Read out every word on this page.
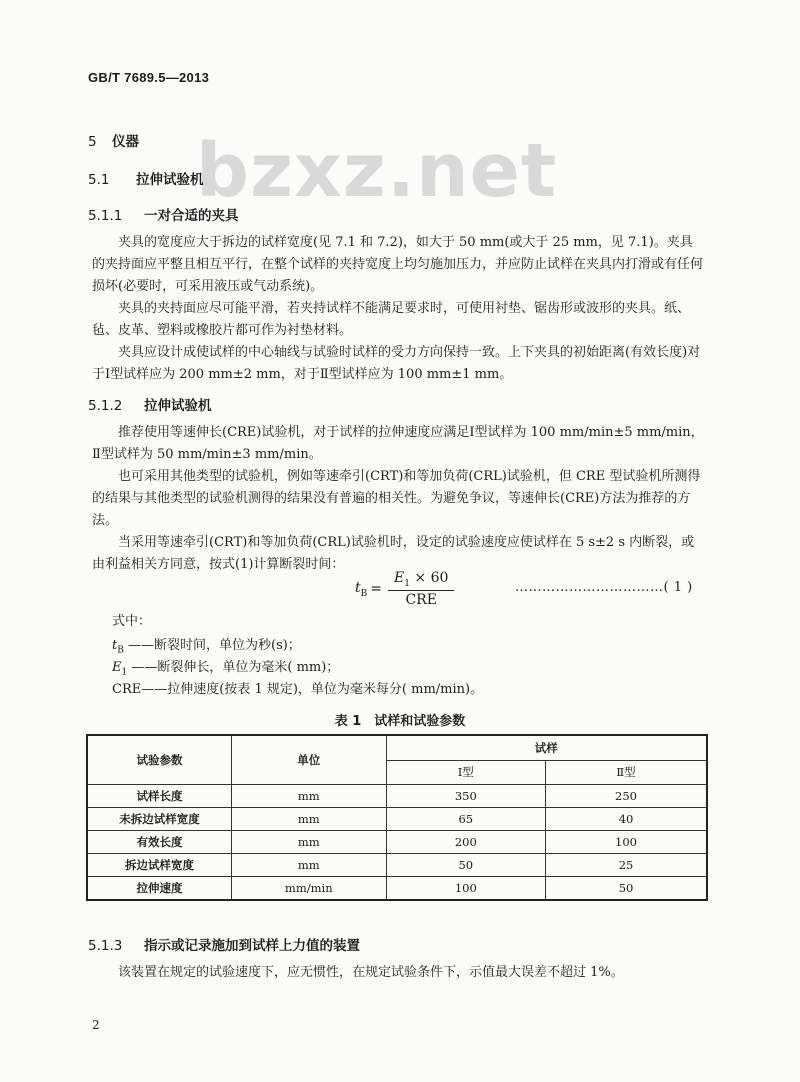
GB/T 7689.5—2013
bzxz.net
5 仪器
5.1 拉伸试验机
5.1.1 一对合适的夹具
夹具的宽度应大于拆边的试样宽度(见 7.1 和 7.2)，如大于 50 mm(或大于 25 mm，见 7.1)。夹具的夹持面应平整且相互平行，在整个试样的夹持宽度上均匀施加压力，并应防止试样在夹具内打滑或有任何损坏(必要时，可采用液压或气动系统)。
夹具的夹持面应尽可能平滑，若夹持试样不能满足要求时，可使用衬垫、锯齿形或波形的夹具。纸、毡、皮革、塑料或橡胶片都可作为衬垫材料。
夹具应设计成使试样的中心轴线与试验时试样的受力方向保持一致。上下夹具的初始距离(有效长度)对于Ⅰ型试样应为 200 mm±2 mm，对于Ⅱ型试样应为 100 mm±1 mm。
5.1.2 拉伸试验机
推荐使用等速伸长(CRE)试验机，对于试样的拉伸速度应满足Ⅰ型试样为 100 mm/min±5 mm/min，Ⅱ型试样为 50 mm/min±3 mm/min。
也可采用其他类型的试验机，例如等速牵引(CRT)和等加负荷(CRL)试验机，但 CRE 型试验机所测得的结果与其他类型的试验机测得的结果没有普遍的相关性。为避免争议，等速伸长(CRE)方法为推荐的方法。
当采用等速牵引(CRT)和等加负荷(CRL)试验机时，设定的试验速度应使试样在 5 s±2 s 内断裂，或由利益相关方同意，按式(1)计算断裂时间：
$t_B = \frac{E_1 \times 60}{\text{CRE}}$	……………………………( 1 )
式中：
$t_B$ ——断裂时间，单位为秒(s)；
$E_1$ ——断裂伸长，单位为毫米( mm)；
CRE——拉伸速度(按表 1 规定)，单位为毫米每分( mm/min)。
表 1　试样和试验参数
试验参数	单位	试样	
		Ⅰ型	Ⅱ型
试样长度	mm	350	250
未拆边试样宽度	mm	65	40
有效长度	mm	200	100
拆边试样宽度	mm	50	25
拉伸速度	mm/min	100	50
5.1.3 指示或记录施加到试样上力值的装置
该装置在规定的试验速度下，应无惯性，在规定试验条件下，示值最大误差不超过 1%。
2
